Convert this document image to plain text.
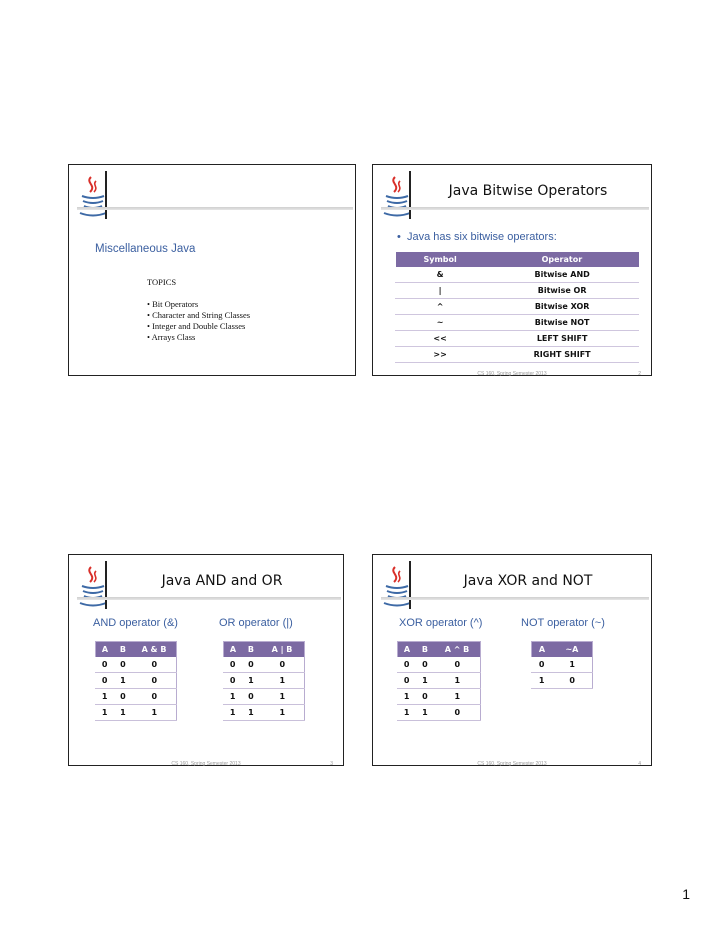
Miscellaneous Java
TOPICS
• Bit Operators
• Character and String Classes
• Integer and Double Classes
• Arrays Class
Java Bitwise Operators
•  Java has six bitwise operators:
Symbol	Operator
&	Bitwise AND
|	Bitwise OR
^	Bitwise XOR
~	Bitwise NOT
<<	LEFT SHIFT
>>	RIGHT SHIFT
CS 160, Spring Semester 2013	2
Java AND and OR
AND operator (&)	OR operator (|)
A	B	A & B
0	0	0
0	1	0
1	0	0
1	1	1
A	B	A | B
0	0	0
0	1	1
1	0	1
1	1	1
CS 160, Spring Semester 2013	3
Java XOR and NOT
XOR operator (^)	NOT operator (~)
A	B	A ^ B
0	0	0
0	1	1
1	0	1
1	1	0
A	~A
0	1
1	0
CS 160, Spring Semester 2013	4
1
